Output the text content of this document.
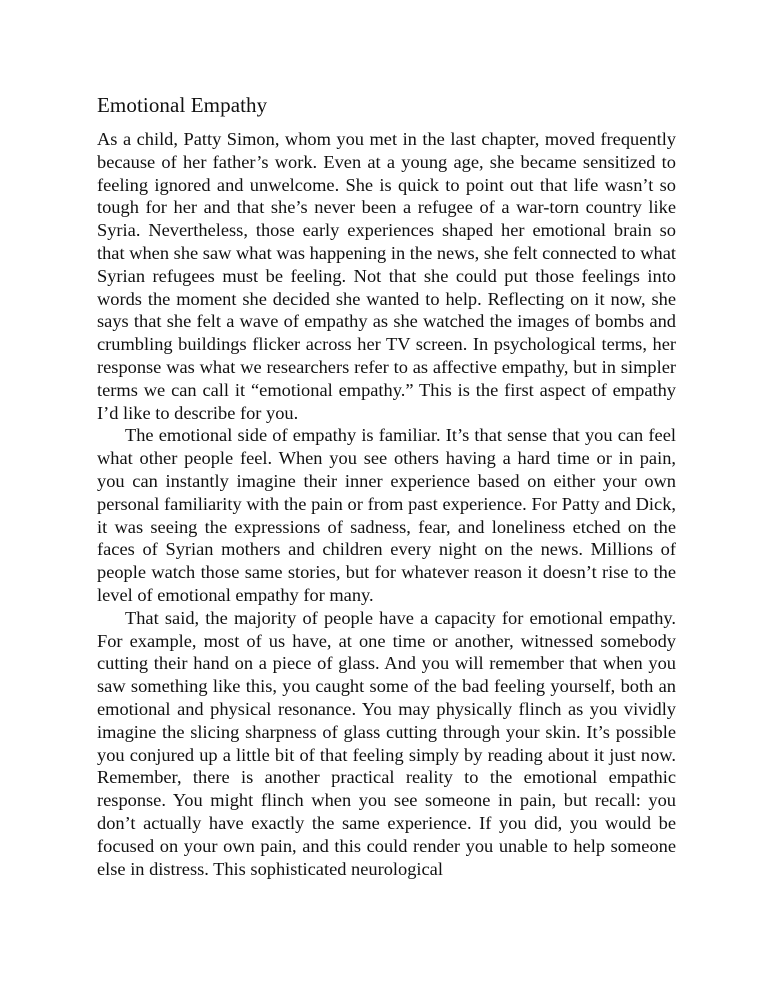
Emotional Empathy

As a child, Patty Simon, whom you met in the last chapter, moved frequently because of her father’s work. Even at a young age, she became sensitized to feeling ignored and unwelcome. She is quick to point out that life wasn’t so tough for her and that she’s never been a refugee of a war-torn country like Syria. Nevertheless, those early experiences shaped her emotional brain so that when she saw what was happening in the news, she felt connected to what Syrian refugees must be feeling. Not that she could put those feelings into words the moment she decided she wanted to help. Reflecting on it now, she says that she felt a wave of empathy as she watched the images of bombs and crumbling buildings flicker across her TV screen. In psychological terms, her response was what we researchers refer to as affective empathy, but in simpler terms we can call it “emotional empathy.” This is the first aspect of empathy I’d like to describe for you.

The emotional side of empathy is familiar. It’s that sense that you can feel what other people feel. When you see others having a hard time or in pain, you can instantly imagine their inner experience based on either your own personal familiarity with the pain or from past experience. For Patty and Dick, it was seeing the expressions of sadness, fear, and loneliness etched on the faces of Syrian mothers and children every night on the news. Millions of people watch those same stories, but for whatever reason it doesn’t rise to the level of emotional empathy for many.

That said, the majority of people have a capacity for emotional empathy. For example, most of us have, at one time or another, witnessed somebody cutting their hand on a piece of glass. And you will remember that when you saw something like this, you caught some of the bad feeling yourself, both an emotional and physical resonance. You may physically flinch as you vividly imagine the slicing sharpness of glass cutting through your skin. It’s possible you conjured up a little bit of that feeling simply by reading about it just now. Remember, there is another practical reality to the emotional empathic response. You might flinch when you see someone in pain, but recall: you don’t actually have exactly the same experience. If you did, you would be focused on your own pain, and this could render you unable to help someone else in distress. This sophisticated neurological
